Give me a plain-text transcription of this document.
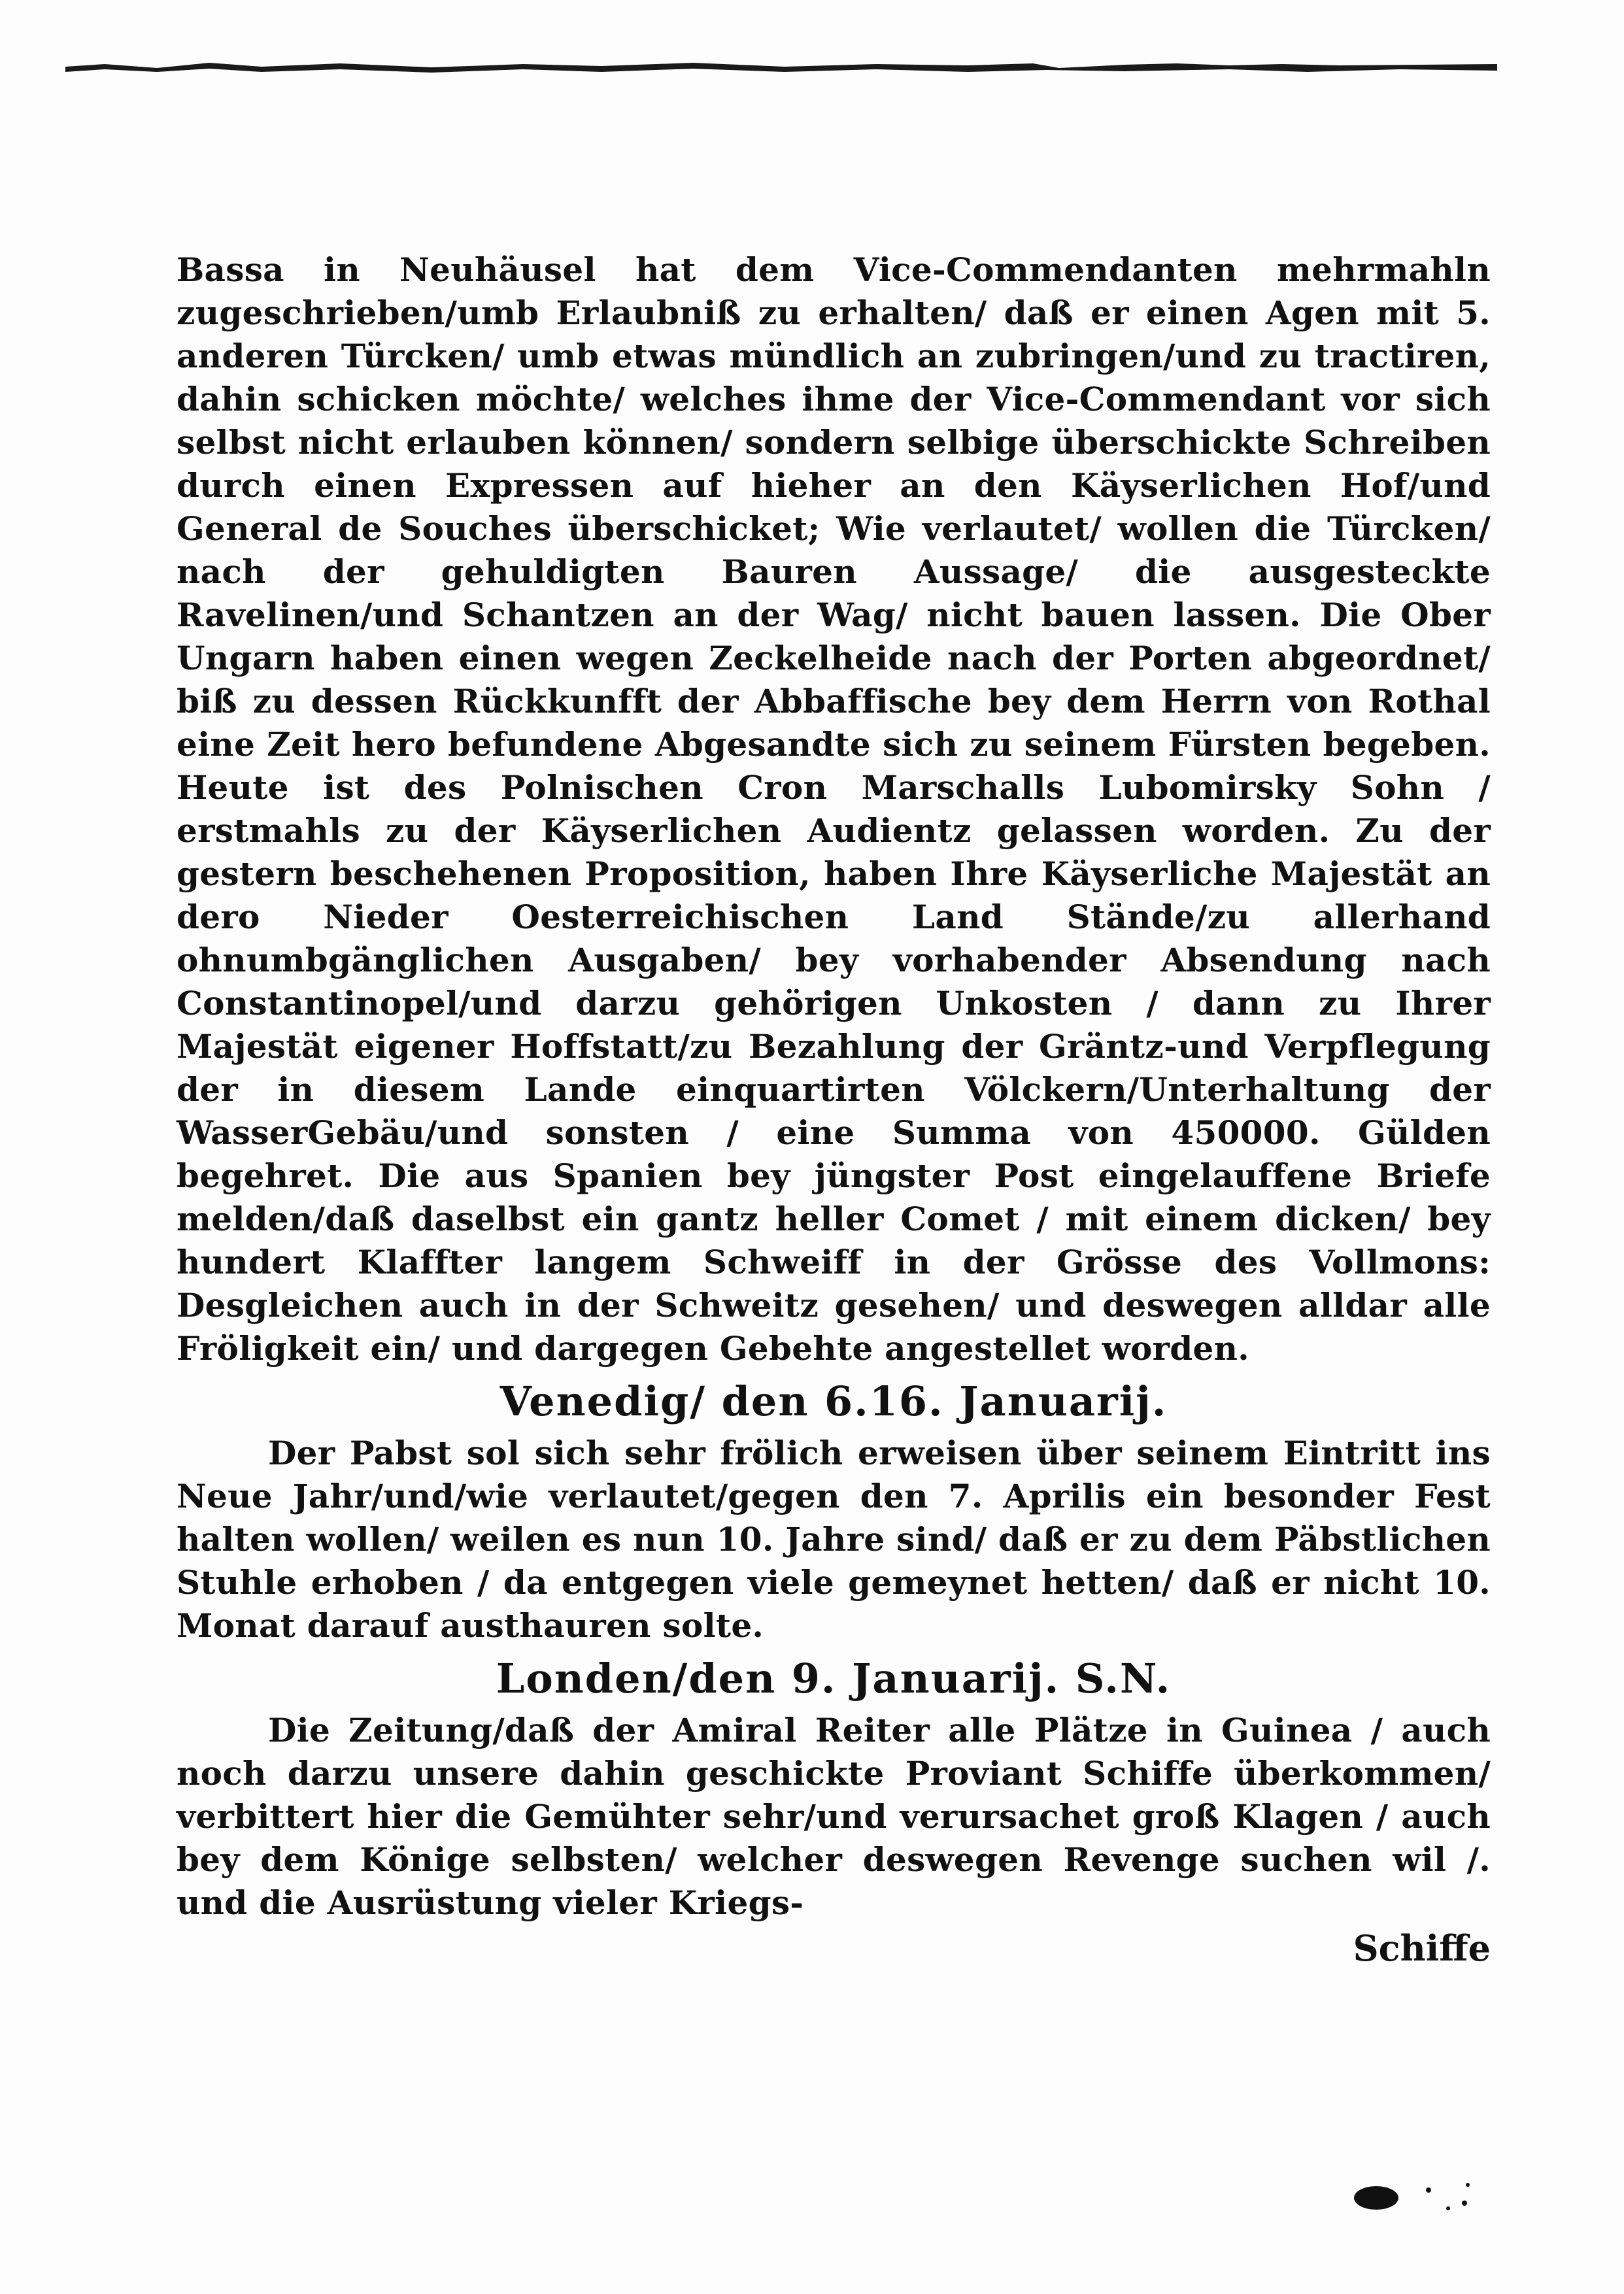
Bassa in Neuhäusel hat dem Vice-Commendanten mehrmahln zugeschrieben/umb Erlaubniß zu erhalten/ daß er einen Agen mit 5. anderen Türcken/ umb etwas mündlich an zubringen/und zu tractiren, dahin schicken möchte/ welches ihme der Vice-Commendant vor sich selbst nicht erlauben können/ sondern selbige überschickte Schreiben durch einen Expressen auf hieher an den Käyserlichen Hof/und General de Souches überschicket; Wie verlautet/ wollen die Türcken/ nach der gehuldigten Bauren Aussage/ die ausgesteckte Ravelinen/und Schantzen an der Wag/ nicht bauen lassen. Die Ober Ungarn haben einen wegen Zeckelheide nach der Porten abgeordnet/ biß zu dessen Rückkunfft der Abbaffische bey dem Herrn von Rothal eine Zeit hero befundene Abgesandte sich zu seinem Fürsten begeben. Heute ist des Polnischen Cron Marschalls Lubomirsky Sohn / erstmahls zu der Käyserlichen Audientz gelassen worden. Zu der gestern beschehenen Proposition, haben Ihre Käyserliche Majestät an dero Nieder Oesterreichischen Land Stände/zu allerhand ohnumbgänglichen Ausgaben/ bey vorhabender Absendung nach Constantinopel/und darzu gehörigen Unkosten / dann zu Ihrer Majestät eigener Hoffstatt/zu Bezahlung der Gräntz-und Verpflegung der in diesem Lande einquartirten Völckern/Unterhaltung der WasserGebäu/und sonsten / eine Summa von 450000. Gülden begehret. Die aus Spanien bey jüngster Post eingelauffene Briefe melden/daß daselbst ein gantz heller Comet / mit einem dicken/ bey hundert Klaffter langem Schweiff in der Grösse des Vollmons: Desgleichen auch in der Schweitz gesehen/ und deswegen alldar alle Fröligkeit ein/ und dargegen Gebehte angestellet worden.

Venedig/ den 6.16. Januarij.

Der Pabst sol sich sehr frölich erweisen über seinem Eintritt ins Neue Jahr/und/wie verlautet/gegen den 7. Aprilis ein besonder Fest halten wollen/ weilen es nun 10. Jahre sind/ daß er zu dem Päbstlichen Stuhle erhoben / da entgegen viele gemeynet hetten/ daß er nicht 10. Monat darauf austhauren solte.

Londen/den 9. Januarij. S.N.

Die Zeitung/daß der Amiral Reiter alle Plätze in Guinea / auch noch darzu unsere dahin geschickte Proviant Schiffe überkommen/ verbittert hier die Gemühter sehr/und verursachet groß Klagen / auch bey dem Könige selbsten/ welcher deswegen Revenge suchen wil /. und die Ausrüstung vieler Kriegs-

Schiffe
